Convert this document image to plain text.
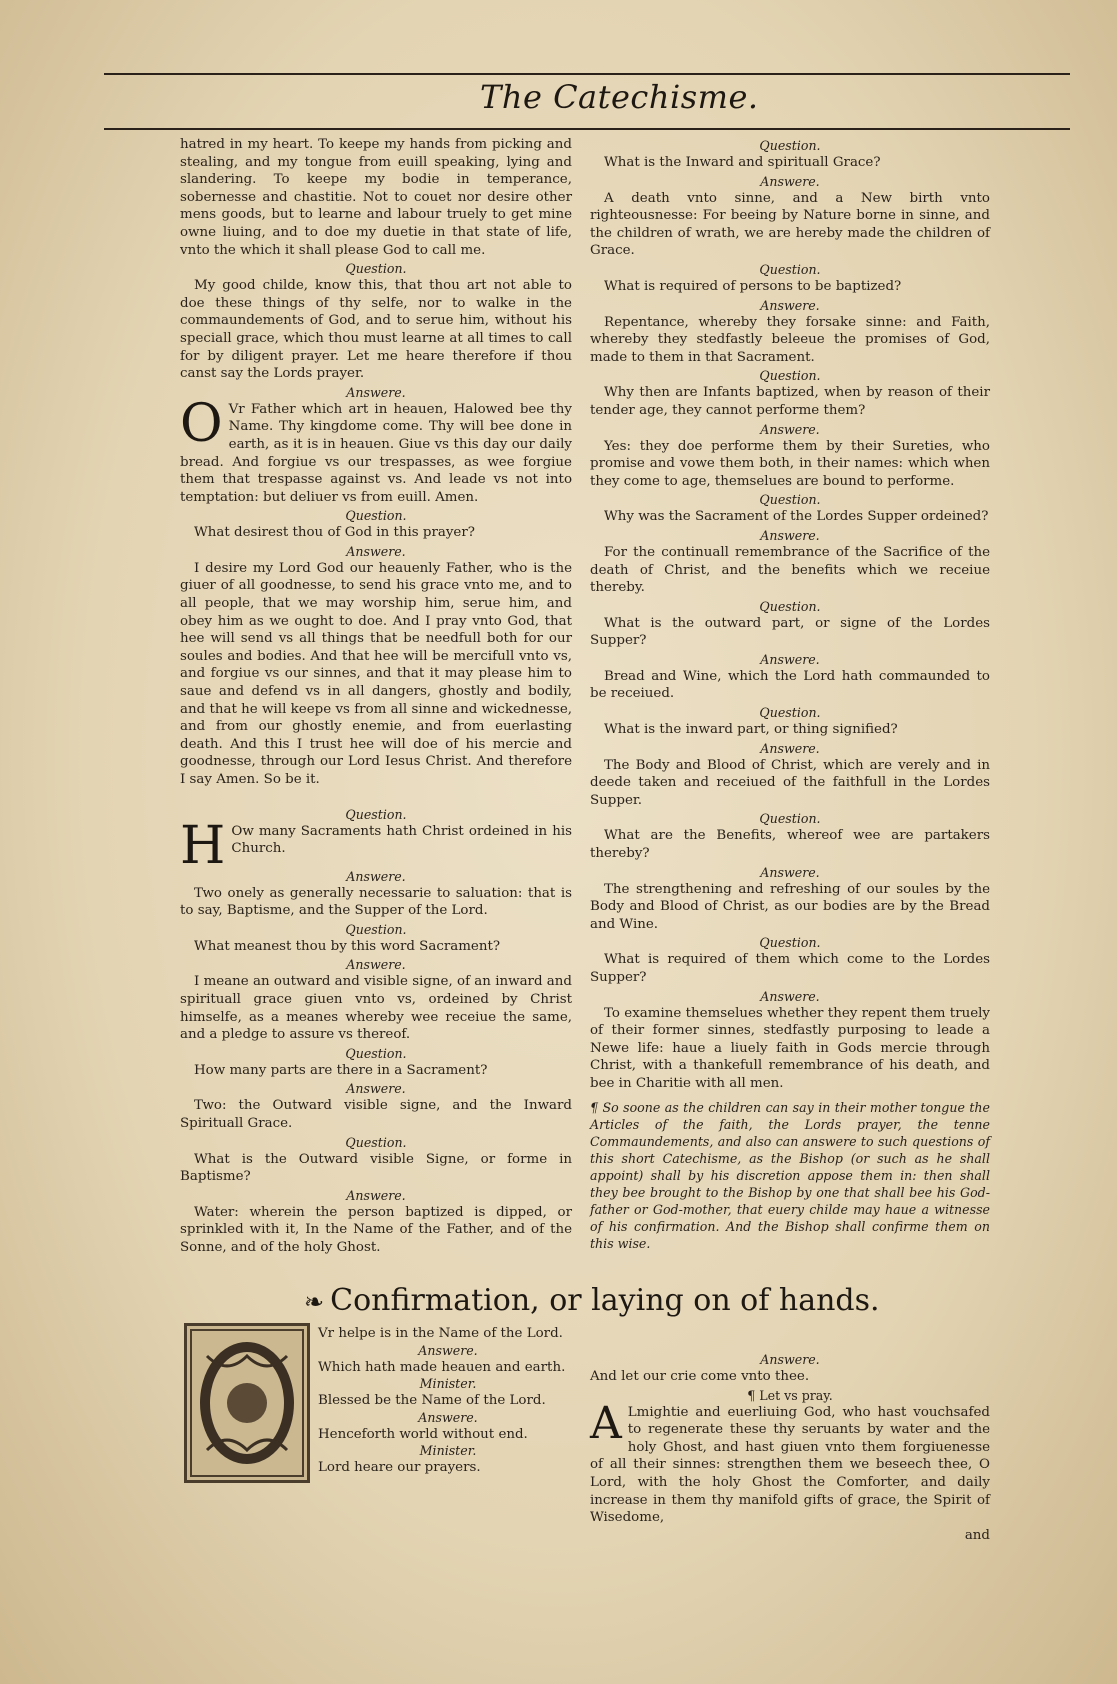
The Catechisme.

hatred in my heart. To keepe my hands from picking and stealing, and my tongue from euill speaking, lying and slandering. To keepe my bodie in temperance, sobernesse and chastitie. Not to couet nor desire other mens goods, but to learne and labour truely to get mine owne liuing, and to doe my duetie in that state of life, vnto the which it shall please God to call me.

Question.

My good childe, know this, that thou art not able to doe these things of thy selfe, nor to walke in the commaundements of God, and to serue him, without his speciall grace, which thou must learne at all times to call for by diligent prayer. Let me heare therefore if thou canst say the Lords prayer.

Answere.

O Vr Father which art in heauen, Halowed bee thy Name. Thy kingdome come. Thy will bee done in earth, as it is in heauen. Giue vs this day our daily bread. And forgiue vs our trespasses, as wee forgiue them that trespasse against vs. And leade vs not into temptation: but deliuer vs from euill. Amen.

Question.

What desirest thou of God in this prayer?

Answere.

I desire my Lord God our heauenly Father, who is the giuer of all goodnesse, to send his grace vnto me, and to all people, that we may worship him, serue him, and obey him as we ought to doe. And I pray vnto God, that hee will send vs all things that be needfull both for our soules and bodies. And that hee will be mercifull vnto vs, and forgiue vs our sinnes, and that it may please him to saue and defend vs in all dangers, ghostly and bodily, and that he will keepe vs from all sinne and wickednesse, and from our ghostly enemie, and from euerlasting death. And this I trust hee will doe of his mercie and goodnesse, through our Lord Iesus Christ. And therefore I say Amen. So be it.

Question.

H Ow many Sacraments hath Christ ordeined in his Church.

Answere.

Two onely as generally necessarie to saluation: that is to say, Baptisme, and the Supper of the Lord.

Question.

What meanest thou by this word Sacrament?

Answere.

I meane an outward and visible signe, of an inward and spirituall grace giuen vnto vs, ordeined by Christ himselfe, as a meanes whereby wee receiue the same, and a pledge to assure vs thereof.

Question.

How many parts are there in a Sacrament?

Answere.

Two: the Outward visible signe, and the Inward Spirituall Grace.

Question.

What is the Outward visible Signe, or forme in Baptisme?

Answere.

Water: wherein the person baptized is dipped, or sprinkled with it, In the Name of the Father, and of the Sonne, and of the holy Ghost.

Question.

What is the Inward and spirituall Grace?

Answere.

A death vnto sinne, and a New birth vnto righteousnesse: For beeing by Nature borne in sinne, and the children of wrath, we are hereby made the children of Grace.

Question.

What is required of persons to be baptized?

Answere.

Repentance, whereby they forsake sinne: and Faith, whereby they stedfastly beleeue the promises of God, made to them in that Sacrament.

Question.

Why then are Infants baptized, when by reason of their tender age, they cannot performe them?

Answere.

Yes: they doe performe them by their Sureties, who promise and vowe them both, in their names: which when they come to age, themselues are bound to performe.

Question.

Why was the Sacrament of the Lordes Supper ordeined?

Answere.

For the continuall remembrance of the Sacrifice of the death of Christ, and the benefits which we receiue thereby.

Question.

What is the outward part, or signe of the Lordes Supper?

Answere.

Bread and Wine, which the Lord hath commaunded to be receiued.

Question.

What is the inward part, or thing signified?

Answere.

The Body and Blood of Christ, which are verely and in deede taken and receiued of the faithfull in the Lordes Supper.

Question.

What are the Benefits, whereof wee are partakers thereby?

Answere.

The strengthening and refreshing of our soules by the Body and Blood of Christ, as our bodies are by the Bread and Wine.

Question.

What is required of them which come to the Lordes Supper?

Answere.

To examine themselues whether they repent them truely of their former sinnes, stedfastly purposing to leade a Newe life: haue a liuely faith in Gods mercie through Christ, with a thankefull remembrance of his death, and bee in Charitie with all men.

¶ So soone as the children can say in their mother tongue the Articles of the faith, the Lords prayer, the tenne Commaundements, and also can answere to such questions of this short Catechisme, as the Bishop (or such as he shall appoint) shall by his discretion appose them in: then shall they bee brought to the Bishop by one that shall bee his God-father or God-mother, that euery childe may haue a witnesse of his confirmation. And the Bishop shall confirme them on this wise.

❧ Confirmation, or laying on of hands.
Vr helpe is in the Name of the Lord.
Answere.
Which hath made heauen and earth.
Minister.
Blessed be the Name of the Lord.
Answere.
Henceforth world without end.
Minister.
Lord heare our prayers.
Answere.
And let our crie come vnto thee.
¶ Let vs pray.

A Lmightie and euerliuing God, who hast vouchsafed to regenerate these thy seruants by water and the holy Ghost, and hast giuen vnto them forgiuenesse of all their sinnes: strengthen them we beseech thee, O Lord, with the holy Ghost the Comforter, and daily increase in them thy manifold gifts of grace, the Spirit of Wisedome,

and
